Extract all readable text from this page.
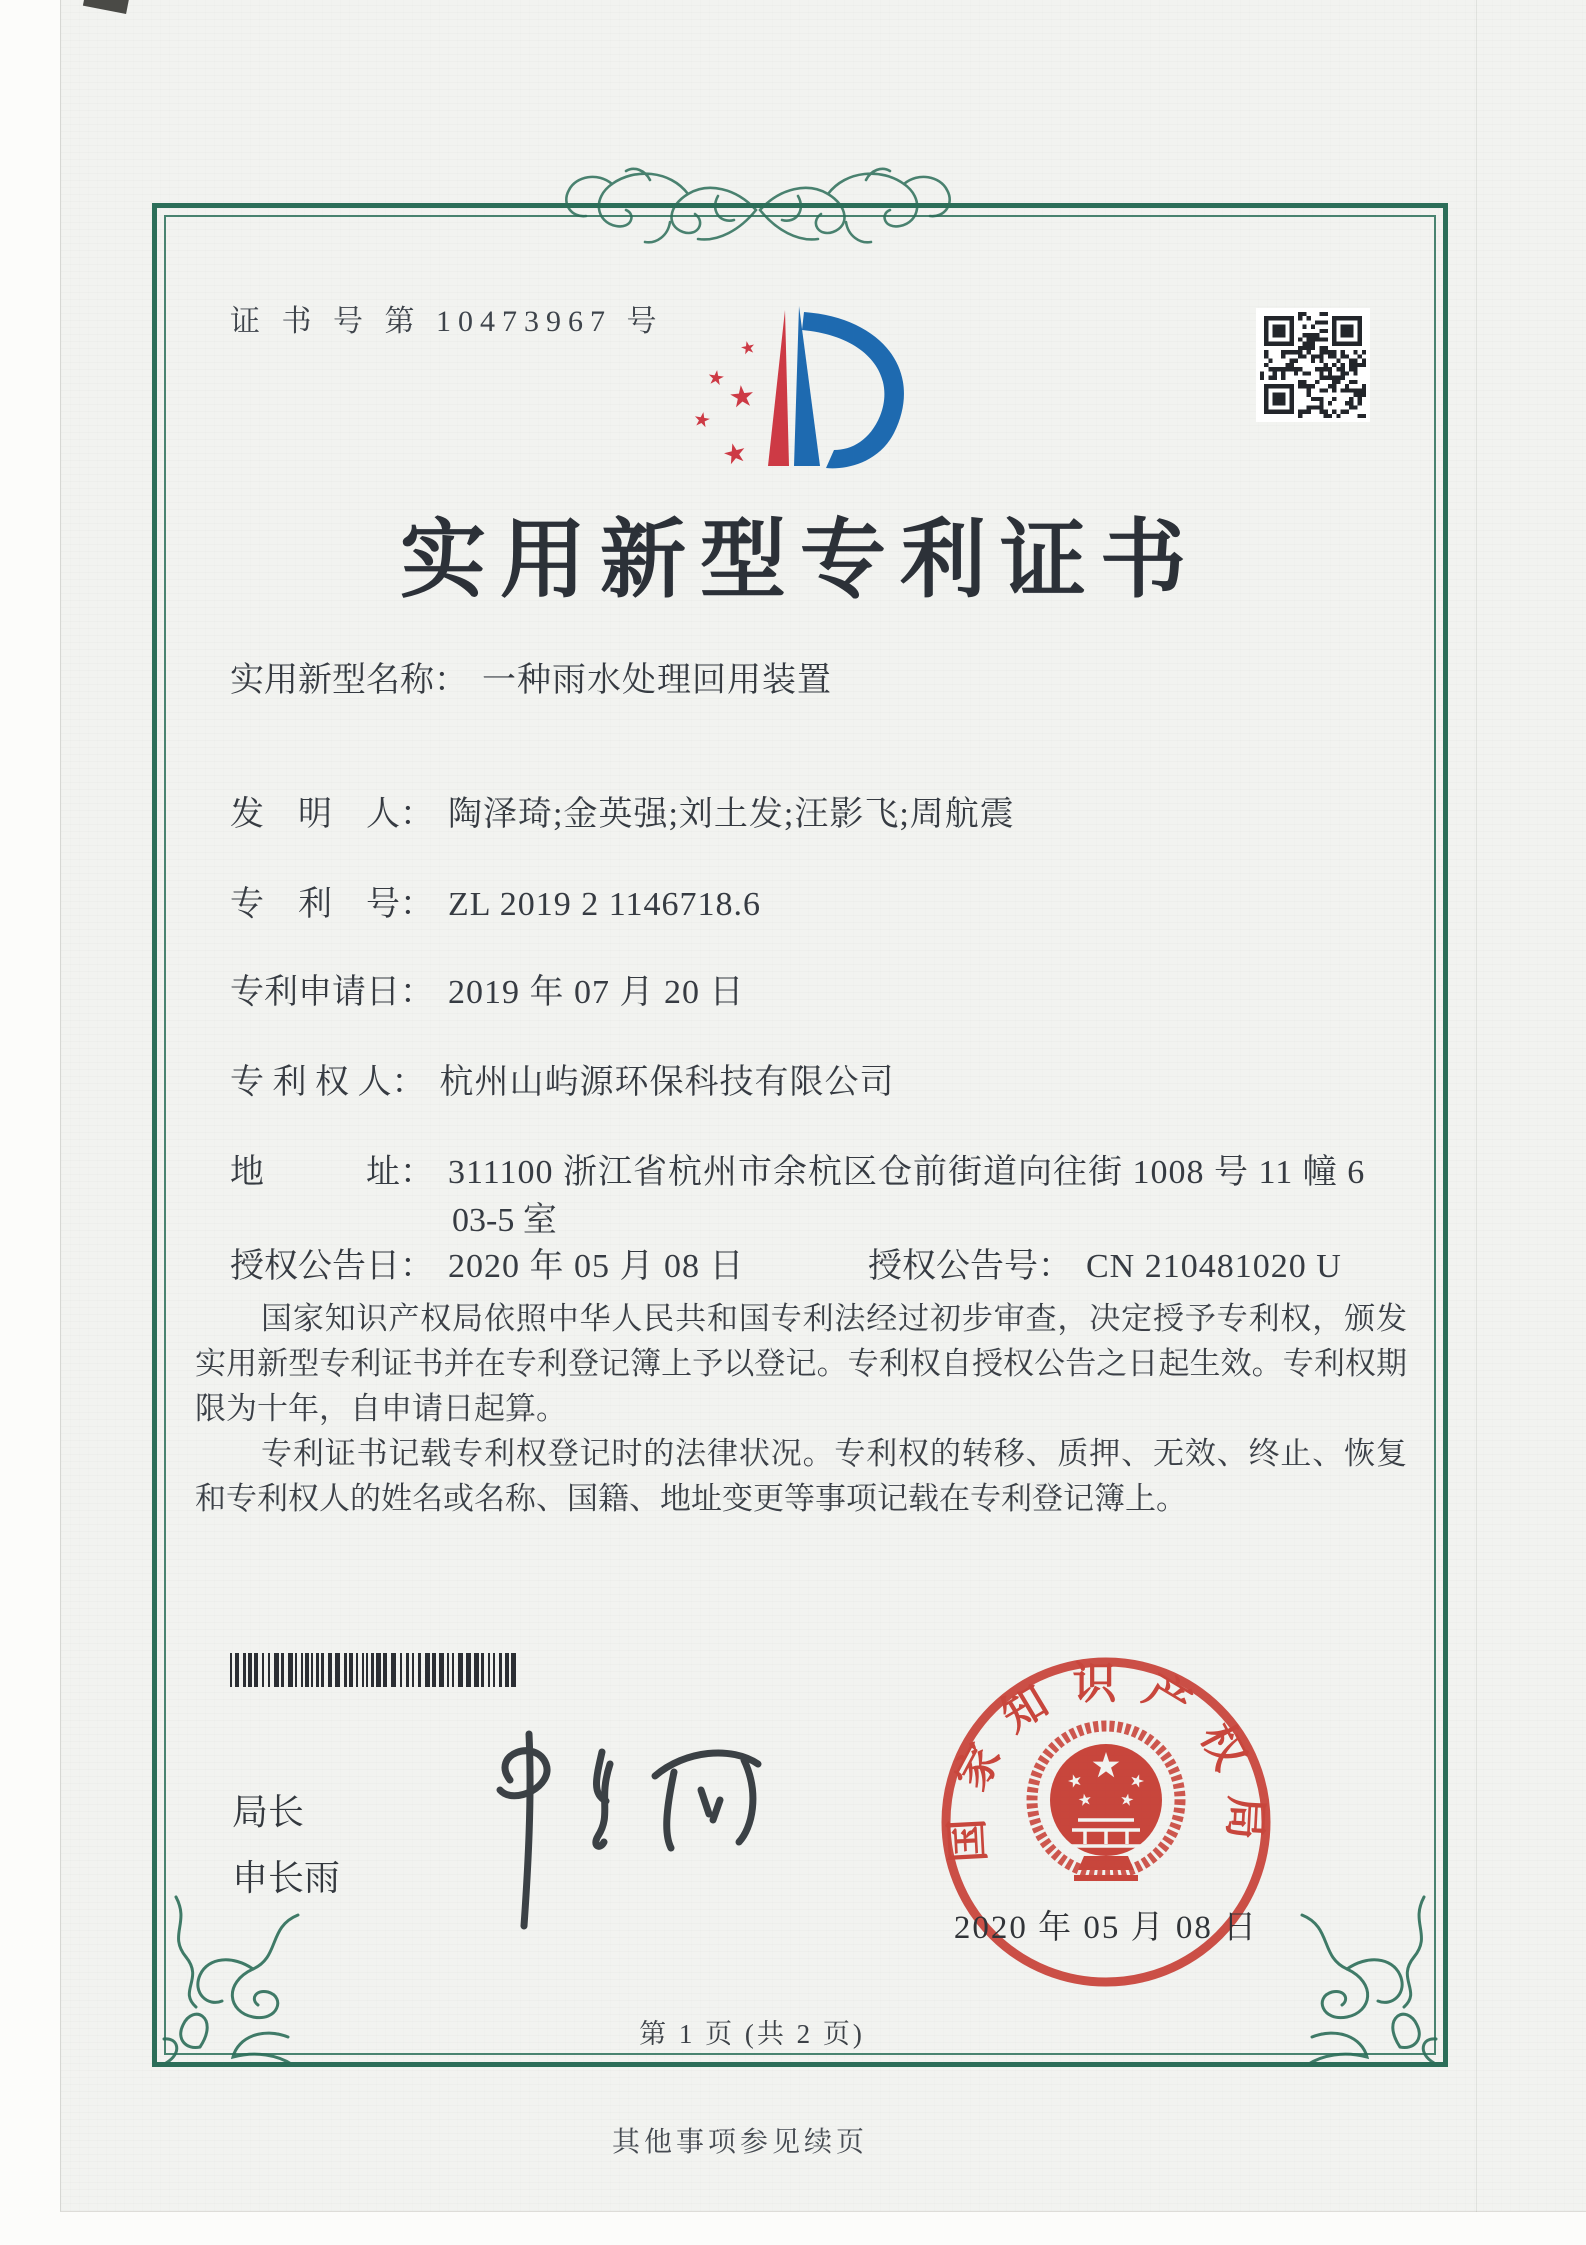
证 书 号 第 10473967 号
实用新型专利证书
实用新型名称： 一种雨水处理回用装置
发　明　人： 陶泽琦;金英强;刘土发;汪影飞;周航震
专　利　号： ZL 2019 2 1146718.6
专利申请日： 2019 年 07 月 20 日
专 利 权 人： 杭州山屿源环保科技有限公司
地　　　址： 311100 浙江省杭州市余杭区仓前街道向往街 1008 号 11 幢 6
03-5 室
授权公告日： 2020 年 05 月 08 日	授权公告号： CN 210481020 U

国家知识产权局依照中华人民共和国专利法经过初步审查，决定授予专利权，颁发实用新型专利证书并在专利登记簿上予以登记。专利权自授权公告之日起生效。专利权期限为十年，自申请日起算。

专利证书记载专利权登记时的法律状况。专利权的转移、质押、无效、终止、恢复和专利权人的姓名或名称、国籍、地址变更等事项记载在专利登记簿上。

局长
申长雨
国家知识产权局
2020 年 05 月 08 日
第 1 页 (共 2 页)
其他事项参见续页
